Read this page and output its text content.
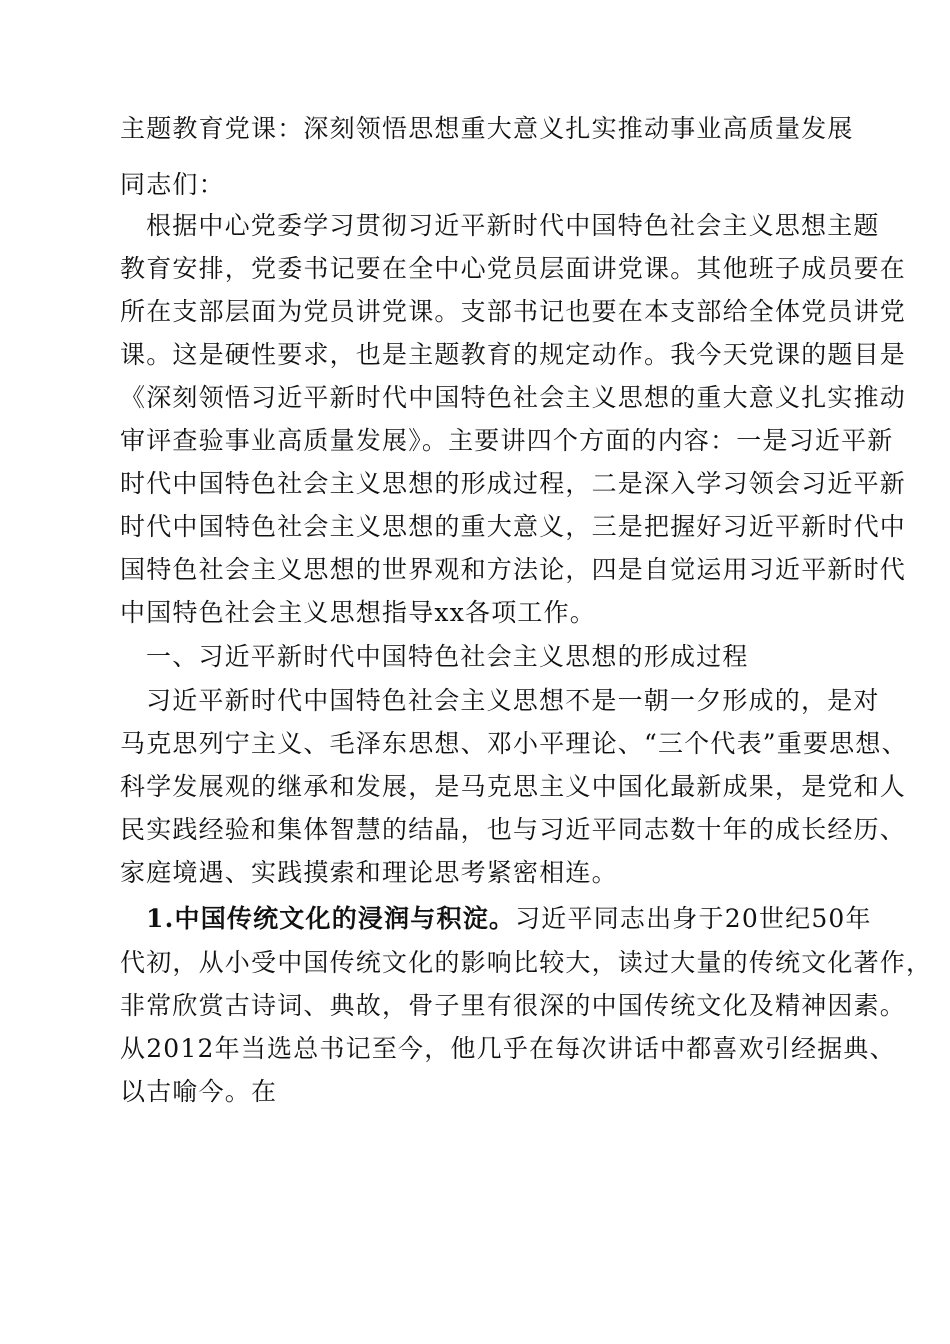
主题教育党课：深刻领悟思想重大意义扎实推动事业高质量发展
同志们：
根据中心党委学习贯彻习近平新时代中国特色社会主义思想主题
教育安排，党委书记要在全中心党员层面讲党课。其他班子成员要在
所在支部层面为党员讲党课。支部书记也要在本支部给全体党员讲党
课。这是硬性要求，也是主题教育的规定动作。我今天党课的题目是
《深刻领悟习近平新时代中国特色社会主义思想的重大意义扎实推动
审评查验事业高质量发展》。主要讲四个方面的内容：一是习近平新
时代中国特色社会主义思想的形成过程，二是深入学习领会习近平新
时代中国特色社会主义思想的重大意义，三是把握好习近平新时代中
国特色社会主义思想的世界观和方法论，四是自觉运用习近平新时代
中国特色社会主义思想指导xx各项工作。
一、习近平新时代中国特色社会主义思想的形成过程
习近平新时代中国特色社会主义思想不是一朝一夕形成的，是对
马克思列宁主义、毛泽东思想、邓小平理论、“三个代表”重要思想、
科学发展观的继承和发展，是马克思主义中国化最新成果，是党和人
民实践经验和集体智慧的结晶，也与习近平同志数十年的成长经历、
家庭境遇、实践摸索和理论思考紧密相连。
1.中国传统文化的浸润与积淀。习近平同志出身于20世纪50年
代初，从小受中国传统文化的影响比较大，读过大量的传统文化著作，
非常欣赏古诗词、典故，骨子里有很深的中国传统文化及精神因素。
从2012年当选总书记至今，他几乎在每次讲话中都喜欢引经据典、
以古喻今。在
